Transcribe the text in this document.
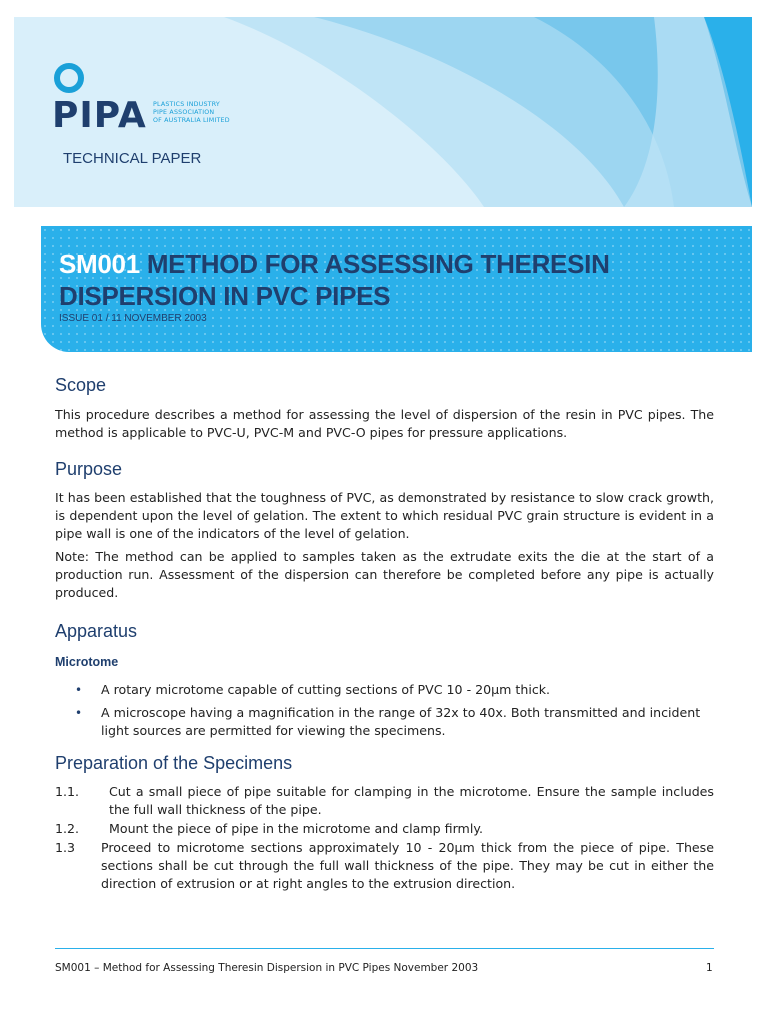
PIPA PLASTICS INDUSTRY
PIPE ASSOCIATION
OF AUSTRALIA LIMITED
TECHNICAL PAPER
SM001 METHOD FOR ASSESSING THERESIN DISPERSION IN PVC PIPES
ISSUE 01 / 11 NOVEMBER 2003
Scope

This procedure describes a method for assessing the level of dispersion of the resin in PVC pipes. The method is applicable to PVC-U, PVC-M and PVC-O pipes for pressure applications.

Purpose

It has been established that the toughness of PVC, as demonstrated by resistance to slow crack growth, is dependent upon the level of gelation. The extent to which residual PVC grain structure is evident in a pipe wall is one of the indicators of the level of gelation.

Note: The method can be applied to samples taken as the extrudate exits the die at the start of a production run. Assessment of the dispersion can therefore be completed before any pipe is actually produced.

Apparatus
Microtome
• A rotary microtome capable of cutting sections of PVC 10 - 20µm thick.
• A microscope having a magnification in the range of 32x to 40x. Both transmitted and incident light sources are permitted for viewing the specimens.
Preparation of the Specimens
1.1. Cut a small piece of pipe suitable for clamping in the microtome. Ensure the sample includes the full wall thickness of the pipe.
1.2. Mount the piece of pipe in the microtome and clamp firmly.
1.3 Proceed to microtome sections approximately 10 - 20µm thick from the piece of pipe. These sections shall be cut through the full wall thickness of the pipe. They may be cut in either the direction of extrusion or at right angles to the extrusion direction.
SM001 – Method for Assessing Theresin Dispersion in PVC Pipes November 2003	1
